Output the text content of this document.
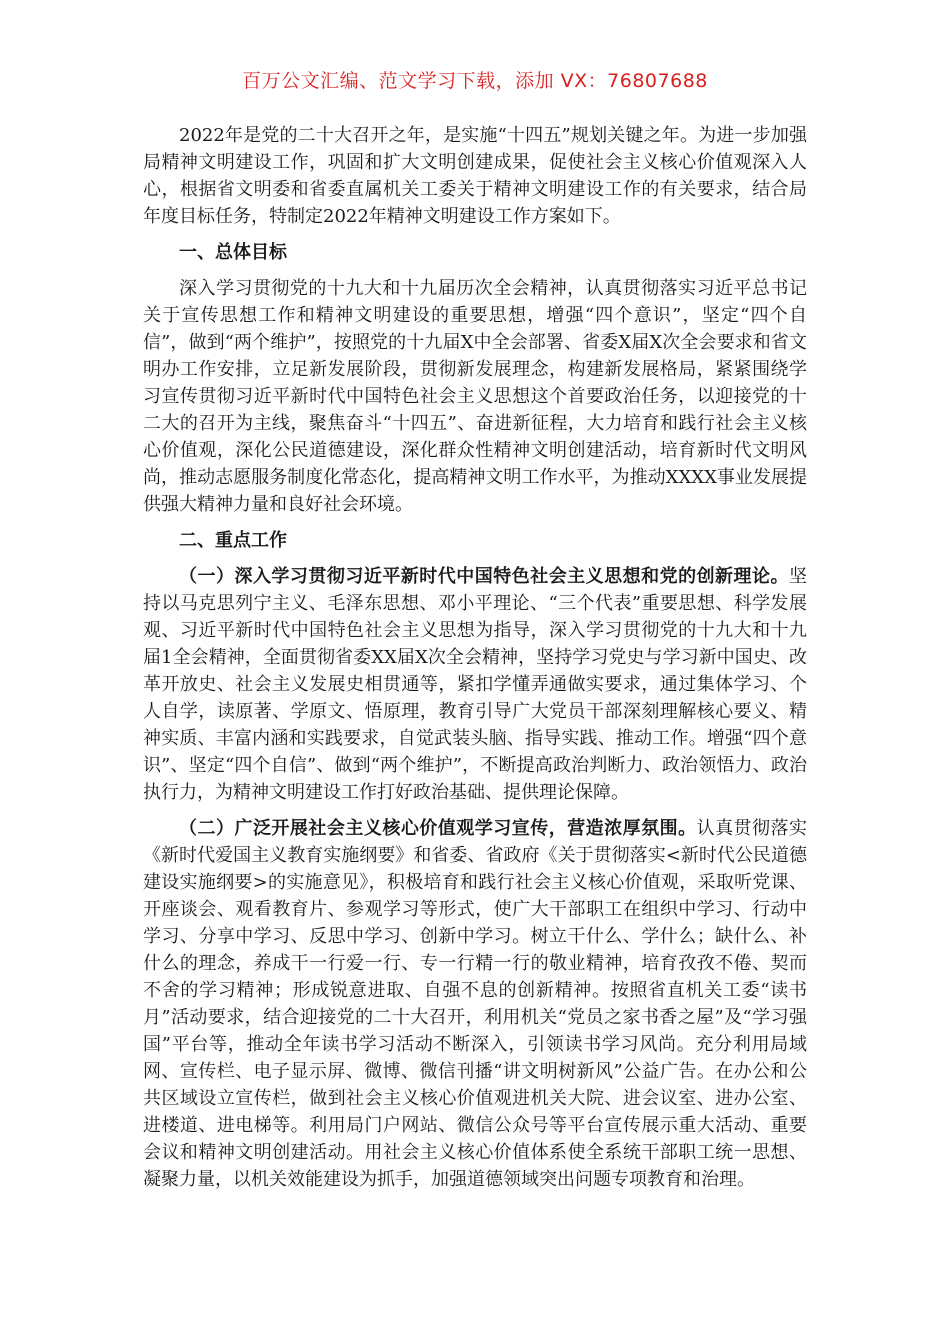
百万公文汇编、范文学习下载，添加 VX：76807688

2022年是党的二十大召开之年，是实施“十四五”规划关键之年。为进一步加强局精神文明建设工作，巩固和扩大文明创建成果，促使社会主义核心价值观深入人心，根据省文明委和省委直属机关工委关于精神文明建设工作的有关要求，结合局年度目标任务，特制定2022年精神文明建设工作方案如下。

一、总体目标

深入学习贯彻党的十九大和十九届历次全会精神，认真贯彻落实习近平总书记关于宣传思想工作和精神文明建设的重要思想，增强“四个意识”，坚定“四个自信”，做到“两个维护”，按照党的十九届X中全会部署、省委X届X次全会要求和省文明办工作安排，立足新发展阶段，贯彻新发展理念，构建新发展格局，紧紧围绕学习宣传贯彻习近平新时代中国特色社会主义思想这个首要政治任务，以迎接党的十二大的召开为主线，聚焦奋斗“十四五”、奋进新征程，大力培育和践行社会主义核心价值观，深化公民道德建设，深化群众性精神文明创建活动，培育新时代文明风尚，推动志愿服务制度化常态化，提高精神文明工作水平，为推动XXXX事业发展提供强大精神力量和良好社会环境。

二、重点工作

（一）深入学习贯彻习近平新时代中国特色社会主义思想和党的创新理论。坚持以马克思列宁主义、毛泽东思想、邓小平理论、“三个代表”重要思想、科学发展观、习近平新时代中国特色社会主义思想为指导，深入学习贯彻党的十九大和十九届1全会精神，全面贯彻省委XX届X次全会精神，坚持学习党史与学习新中国史、改革开放史、社会主义发展史相贯通等，紧扣学懂弄通做实要求，通过集体学习、个人自学，读原著、学原文、悟原理，教育引导广大党员干部深刻理解核心要义、精神实质、丰富内涵和实践要求，自觉武装头脑、指导实践、推动工作。增强“四个意识”、坚定“四个自信”、做到“两个维护”，不断提高政治判断力、政治领悟力、政治执行力，为精神文明建设工作打好政治基础、提供理论保障。

（二）广泛开展社会主义核心价值观学习宣传，营造浓厚氛围。认真贯彻落实《新时代爱国主义教育实施纲要》和省委、省政府《关于贯彻落实<新时代公民道德建设实施纲要>的实施意见》，积极培育和践行社会主义核心价值观，采取听党课、开座谈会、观看教育片、参观学习等形式，使广大干部职工在组织中学习、行动中学习、分享中学习、反思中学习、创新中学习。树立干什么、学什么；缺什么、补什么的理念，养成干一行爱一行、专一行精一行的敬业精神，培育孜孜不倦、契而不舍的学习精神；形成锐意进取、自强不息的创新精神。按照省直机关工委“读书月”活动要求，结合迎接党的二十大召开，利用机关“党员之家书香之屋”及“学习强国”平台等，推动全年读书学习活动不断深入，引领读书学习风尚。充分利用局域网、宣传栏、电子显示屏、微博、微信刊播“讲文明树新风”公益广告。在办公和公共区域设立宣传栏，做到社会主义核心价值观进机关大院、进会议室、进办公室、进楼道、进电梯等。利用局门户网站、微信公众号等平台宣传展示重大活动、重要会议和精神文明创建活动。用社会主义核心价值体系使全系统干部职工统一思想、凝聚力量，以机关效能建设为抓手，加强道德领域突出问题专项教育和治理。
